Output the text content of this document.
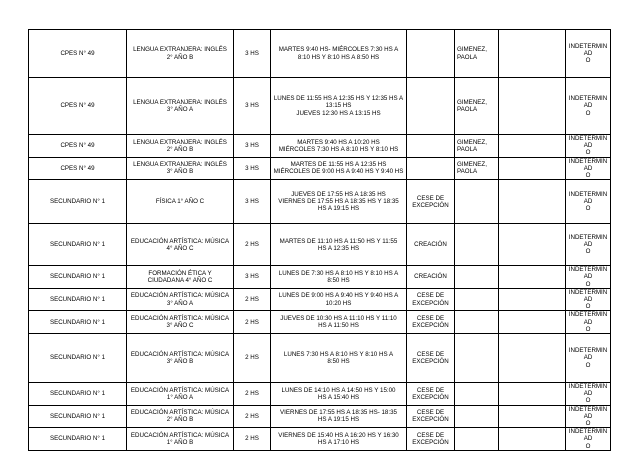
CPES N° 49	LENGUA EXTRANJERA: INGLÉS
2° AÑO B	3 HS	MARTES 9:40 HS- MIÉRCOLES 7:30 HS A
8:10 HS Y 8:10 HS A 8:50 HS		GIMENEZ,
PAOLA		INDETERMINAD
O

CPES N° 49	LENGUA EXTRANJERA: INGLÉS
3° AÑO A	3 HS	LUNES DE 11:55 HS A 12:35 HS Y 12:35 HS A
13:15 HS
JUEVES 12:30 HS A 13:15 HS		GIMENEZ,
PAOLA		INDETERMINAD
O

CPES N° 49	LENGUA EXTRANJERA: INGLÉS
2° AÑO B	3 HS	MARTES 9:40 HS A 10:20 HS
MIÉRCOLES 7:30 HS A 8:10 HS Y 8:10 HS		GIMENEZ,
PAOLA		INDETERMINAD
O

CPES N° 49	LENGUA EXTRANJERA: INGLÉS
3° AÑO B	3 HS	MARTES DE 11:55 HS A 12:35 HS
MIÉRCOLES DE 9:00 HS A 9:40 HS Y 9:40 HS		GIMENEZ,
PAOLA		INDETERMINAD
O

SECUNDARIO N° 1	FÍSICA 1° AÑO C	3 HS	JUEVES DE 17:55 HS A 18:35 HS
VIERNES DE 17:55 HS A 18:35 HS Y 18:35
HS A 19:15 HS	CESE DE
EXCEPCIÓN			INDETERMINAD
O

SECUNDARIO N° 1	EDUCACIÓN ARTÍSTICA: MÚSICA
4° AÑO C	2 HS	MARTES DE 11:10 HS A 11:50 HS Y 11:55
HS A 12:35 HS	CREACIÓN			INDETERMINAD
O

SECUNDARIO N° 1	FORMACIÓN ÉTICA Y
CIUDADANA 4° AÑO C	3 HS	LUNES DE 7:30 HS A 8:10 HS Y 8:10 HS A
8:50 HS	CREACIÓN			INDETERMINAD
O

SECUNDARIO N° 1	EDUCACIÓN ARTÍSTICA: MÚSICA
3° AÑO A	2 HS	LUNES DE 9:00 HS A 9:40 HS Y 9:40 HS A
10:20 HS	CESE DE
EXCEPCIÓN			INDETERMINAD
O

SECUNDARIO N° 1	EDUCACIÓN ARTÍSTICA: MÚSICA
3° AÑO C	2 HS	JUEVES DE 10:30 HS A 11:10 HS Y 11:10
HS A 11:50 HS	CESE DE
EXCEPCIÓN			INDETERMINAD
O

SECUNDARIO N° 1	EDUCACIÓN ARTÍSTICA: MÚSICA
3° AÑO B	2 HS	LUNES 7:30 HS A 8:10 HS Y 8:10 HS A
8:50 HS	CESE DE
EXCEPCIÓN			INDETERMINAD
O

SECUNDARIO N° 1	EDUCACIÓN ARTÍSTICA: MÚSICA
1° AÑO A	2 HS	LUNES DE 14:10 HS A 14:50 HS Y 15:00
HS A 15:40 HS	CESE DE
EXCEPCIÓN			INDETERMINAD
O

SECUNDARIO N° 1	EDUCACIÓN ARTÍSTICA: MÚSICA
2° AÑO B	2 HS	VIERNES DE 17:55 HS A 18:35 HS- 18:35
HS A 19:15 HS	CESE DE
EXCEPCIÓN			INDETERMINAD
O

SECUNDARIO N° 1	EDUCACIÓN ARTÍSTICA: MÚSICA
1° AÑO B	2 HS	VIERNES DE 15:40 HS A 16:20 HS Y 16:30
HS A 17:10 HS	CESE DE
EXCEPCIÓN			INDETERMINAD
O
